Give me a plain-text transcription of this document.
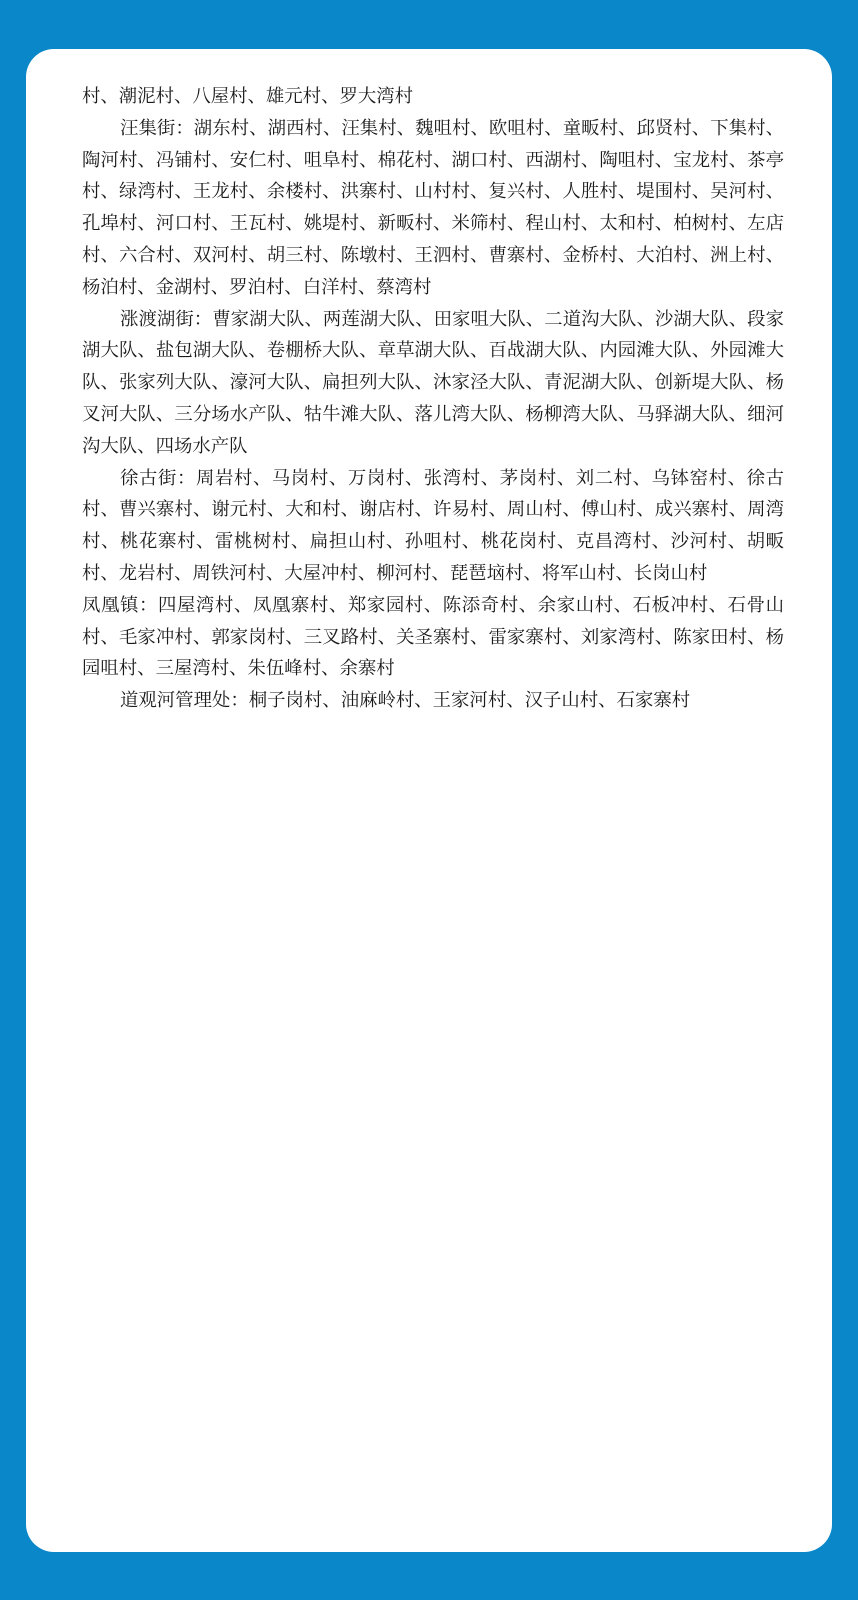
村、潮泥村、八屋村、雄元村、罗大湾村

汪集街：湖东村、湖西村、汪集村、魏咀村、欧咀村、童畈村、邱贤村、下集村、陶河村、冯铺村、安仁村、咀阜村、棉花村、湖口村、西湖村、陶咀村、宝龙村、茶亭村、绿湾村、王龙村、余楼村、洪寨村、山村村、复兴村、人胜村、堤围村、吴河村、孔埠村、河口村、王瓦村、姚堤村、新畈村、米筛村、程山村、太和村、柏树村、左店村、六合村、双河村、胡三村、陈墩村、王泗村、曹寨村、金桥村、大泊村、洲上村、杨泊村、金湖村、罗泊村、白洋村、蔡湾村

涨渡湖街：曹家湖大队、两莲湖大队、田家咀大队、二道沟大队、沙湖大队、段家湖大队、盐包湖大队、卷棚桥大队、章草湖大队、百战湖大队、内园滩大队、外园滩大队、张家列大队、濠河大队、扁担列大队、沐家泾大队、青泥湖大队、创新堤大队、杨叉河大队、三分场水产队、牯牛滩大队、落儿湾大队、杨柳湾大队、马驿湖大队、细河沟大队、四场水产队

徐古街：周岩村、马岗村、万岗村、张湾村、茅岗村、刘二村、乌钵窑村、徐古村、曹兴寨村、谢元村、大和村、谢店村、许易村、周山村、傅山村、成兴寨村、周湾村、桃花寨村、雷桃树村、扁担山村、孙咀村、桃花岗村、克昌湾村、沙河村、胡畈村、龙岩村、周铁河村、大屋冲村、柳河村、琵琶垴村、将军山村、长岗山村

凤凰镇：四屋湾村、凤凰寨村、郑家园村、陈添奇村、余家山村、石板冲村、石骨山村、毛家冲村、郭家岗村、三叉路村、关圣寨村、雷家寨村、刘家湾村、陈家田村、杨园咀村、三屋湾村、朱伍峰村、余寨村

道观河管理处：桐子岗村、油麻岭村、王家河村、汉子山村、石家寨村
